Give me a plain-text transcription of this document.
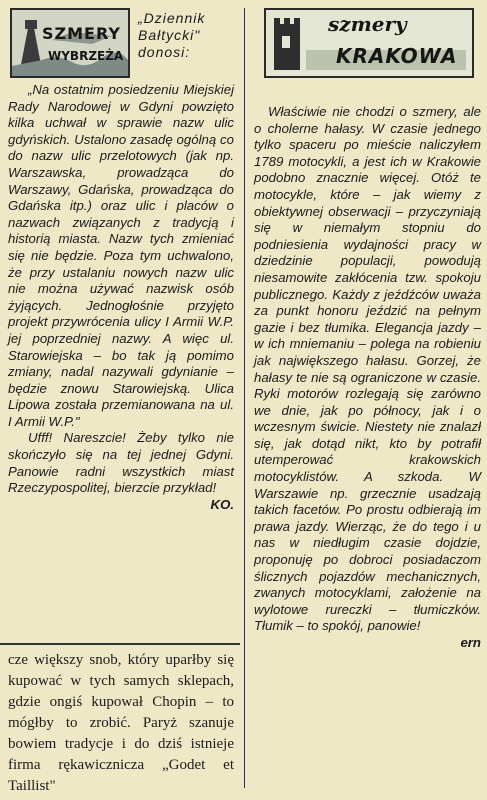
SZMERY
WYBRZEŻA

„Dziennik Bałtycki" donosi:

„Na ostatnim posiedzeniu Miejskiej Rady Narodowej w Gdyni powzięto kilka uchwał w sprawie nazw ulic gdyńskich. Ustalono zasadę ogólną co do nazw ulic przelotowych (jak np. Warszawska, prowadząca do Warszawy, Gdańska, prowadząca do Gdańska itp.) oraz ulic i placów o nazwach związanych z tradycją i historią miasta. Nazw tych zmieniać się nie będzie. Poza tym uchwalono, że przy ustalaniu nowych nazw ulic nie można używać nazwisk osób żyjących. Jednogłośnie przyjęto projekt przywrócenia ulicy I Armii W.P. jej poprzedniej nazwy. A więc ul. Starowiejska – bo tak ją pomimo zmiany, nadal nazywali gdynianie – będzie znowu Starowiejską. Ulica Lipowa została przemianowana na ul. I Armii W.P."

Ufff! Nareszcie! Żeby tylko nie skończyło się na tej jednej Gdyni. Panowie radni wszystkich miast Rzeczypospolitej, bierzcie przykład!

KO.

szmery
KRAKOWA

Właściwie nie chodzi o szmery, ale o cholerne hałasy. W czasie jednego tylko spaceru po mieście naliczyłem 1789 motocykli, a jest ich w Krakowie podobno znacznie więcej. Otóż te motocykle, które – jak wiemy z obiektywnej obserwacji – przyczyniają się w niemałym stopniu do podniesienia wydajności pracy w dziedzinie populacji, powodują niesamowite zakłócenia tzw. spokoju publicznego. Każdy z jeźdźców uważa za punkt honoru jeździć na pełnym gazie i bez tłumika. Elegancja jazdy – w ich mniemaniu – polega na robieniu jak największego hałasu. Gorzej, że hałasy te nie są ograniczone w czasie. Ryki motorów rozlegają się zarówno we dnie, jak po północy, jak i o wczesnym świcie. Niestety nie znalazł się, jak dotąd nikt, kto by potrafił utemperować krakowskich motocyklistów. A szkoda. W Warszawie np. grzecznie usadzają takich facetów. Po prostu odbierają im prawa jazdy. Wierząc, że do tego i u nas w niedługim czasie dojdzie, proponuję po dobroci posiadaczom ślicznych pojazdów mechanicznych, zwanych motocyklami, założenie na wylotowe rureczki – tłumiczków. Tłumik – to spokój, panowie!

ern

cze większy snob, który uparłby się kupować w tych samych sklepach, gdzie ongiś kupował Chopin – to mógłby to zrobić. Paryż szanuje bowiem tradycje i do dziś istnieje firma rękawicznicza „Godet et Taillist"
